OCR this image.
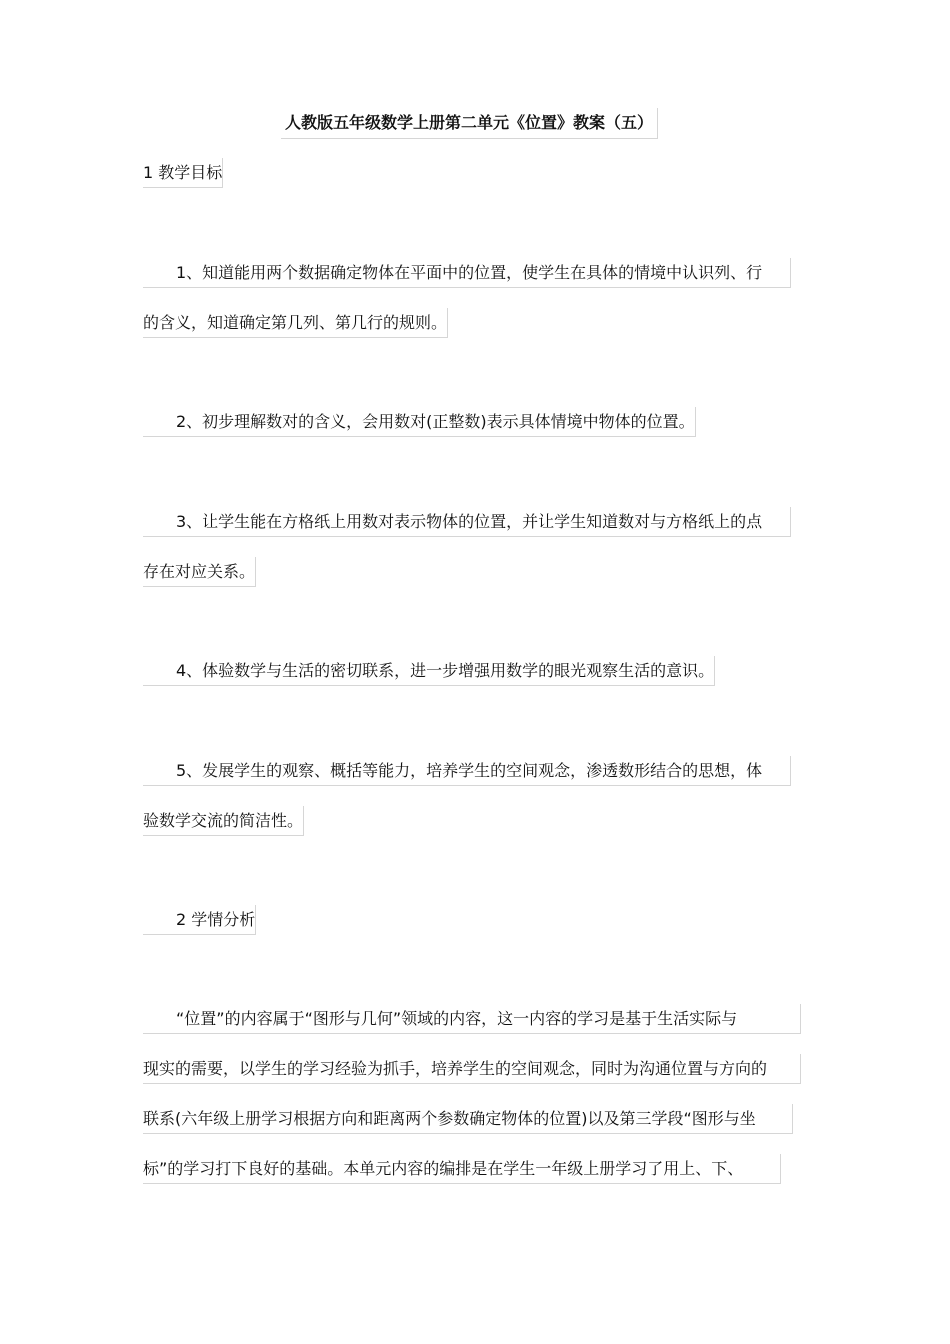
人教版五年级数学上册第二单元《位置》教案（五）
1 教学目标
1、知道能用两个数据确定物体在平面中的位置，使学生在具体的情境中认识列、行
的含义，知道确定第几列、第几行的规则。
2、初步理解数对的含义，会用数对(正整数)表示具体情境中物体的位置。
3、让学生能在方格纸上用数对表示物体的位置，并让学生知道数对与方格纸上的点
存在对应关系。
4、体验数学与生活的密切联系，进一步增强用数学的眼光观察生活的意识。
5、发展学生的观察、概括等能力，培养学生的空间观念，渗透数形结合的思想，体
验数学交流的简洁性。
2 学情分析
“位置”的内容属于“图形与几何”领域的内容，这一内容的学习是基于生活实际与
现实的需要，以学生的学习经验为抓手，培养学生的空间观念，同时为沟通位置与方向的
联系(六年级上册学习根据方向和距离两个参数确定物体的位置)以及第三学段“图形与坐
标”的学习打下良好的基础。本单元内容的编排是在学生一年级上册学习了用上、下、
